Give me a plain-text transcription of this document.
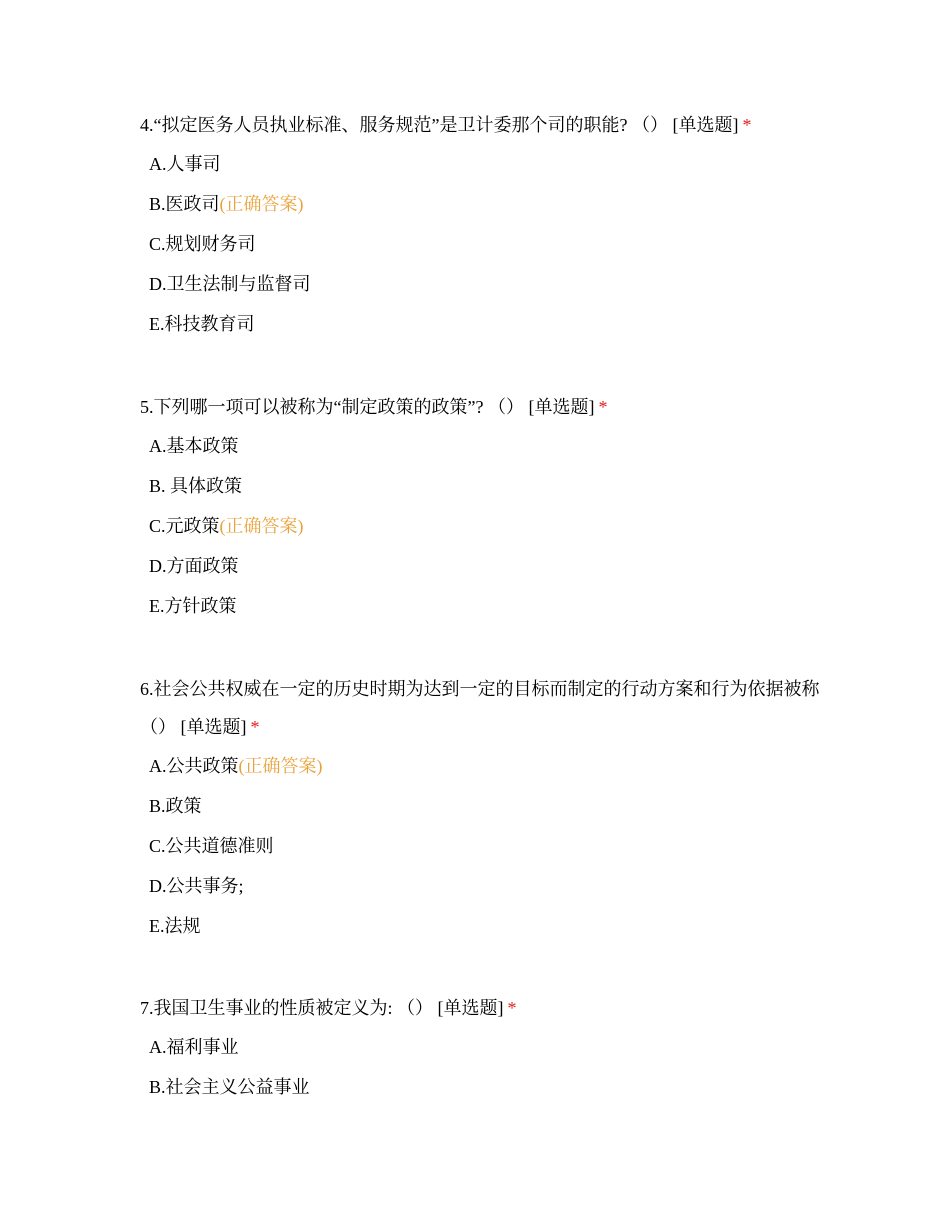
4.“拟定医务人员执业标准、服务规范”是卫计委那个司的职能? （） [单选题] *

A.人事司
B.医政司(正确答案)
C.规划财务司
D.卫生法制与监督司
E.科技教育司

5.下列哪一项可以被称为“制定政策的政策”? （） [单选题] *

A.基本政策
B. 具体政策
C.元政策(正确答案)
D.方面政策
E.方针政策

6.社会公共权威在一定的历史时期为达到一定的目标而制定的行动方案和行为依据被称（） [单选题] *

A.公共政策(正确答案)
B.政策
C.公共道德准则
D.公共事务;
E.法规

7.我国卫生事业的性质被定义为: （） [单选题] *

A.福利事业
B.社会主义公益事业
